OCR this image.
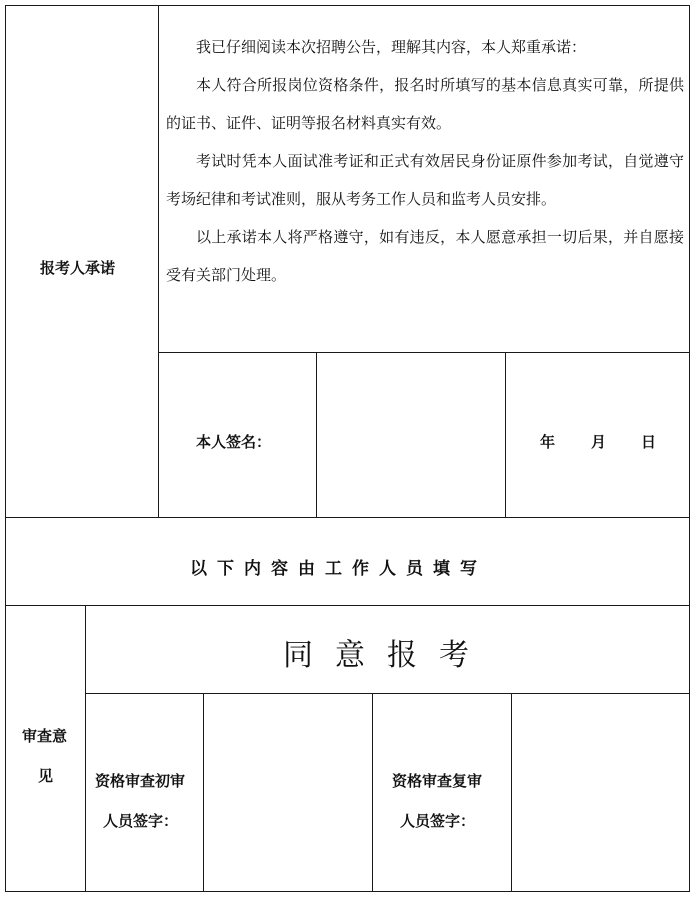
报考人承诺

我已仔细阅读本次招聘公告，理解其内容，本人郑重承诺：

本人符合所报岗位资格条件，报名时所填写的基本信息真实可靠，所提供的证书、证件、证明等报名材料真实有效。

考试时凭本人面试准考证和正式有效居民身份证原件参加考试，自觉遵守考场纪律和考试准则，服从考务工作人员和监考人员安排。

以上承诺本人将严格遵守，如有违反，本人愿意承担一切后果，并自愿接受有关部门处理。

本人签名：	年 月 日
以下内容由工作人员填写
审查意
见
同意报考
资格审查初审
人员签字：
资格审查复审
人员签字：
